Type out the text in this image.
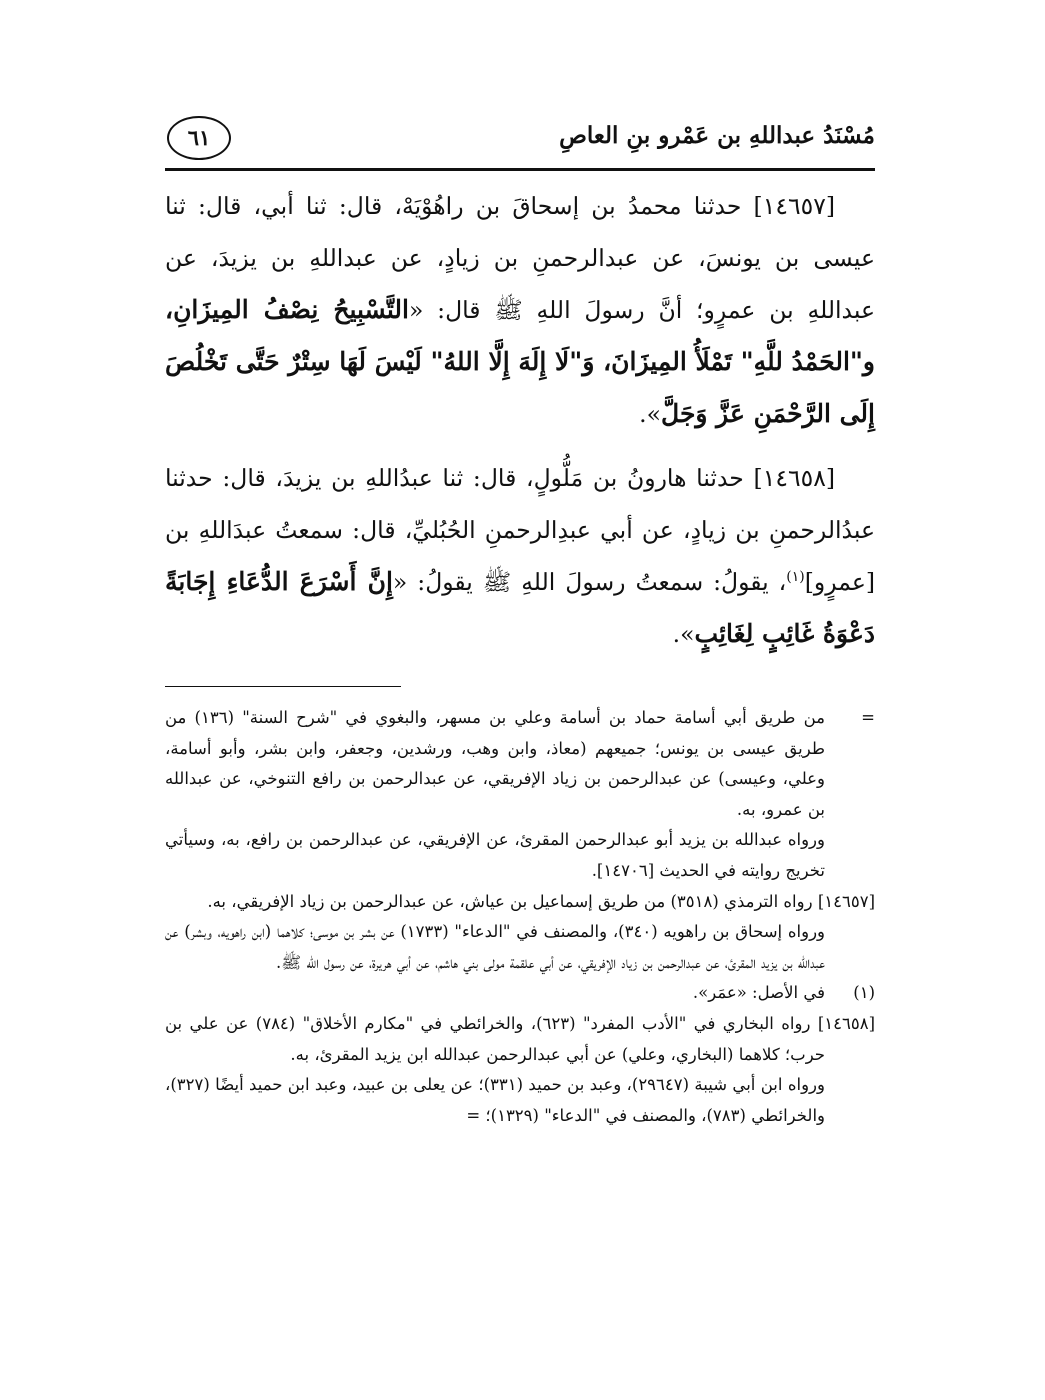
مُسْنَدُ عبداللهِ بن عَمْرو بنِ العاصِ
٦١

[١٤٦٥٧] حدثنا محمدُ بن إسحاقَ بن راهُوْيَهْ، قال: ثنا أبي، قال: ثنا عيسى بن يونسَ، عن عبدالرحمنِ بن زيادٍ، عن عبداللهِ بن يزيدَ، عن عبداللهِ بن عمرٍو؛ أنَّ رسولَ اللهِ ﷺ قال: «التَّسْبِيحُ نِصْفُ المِيزَانِ، و"الحَمْدُ للَّهِ" تَمْلَأُ المِيزَانَ، وَ"لَا إِلَهَ إِلَّا اللهُ" لَيْسَ لَهَا سِتْرٌ حَتَّى تَخْلُصَ إِلَى الرَّحْمَنِ عَزَّ وَجَلَّ».

[١٤٦٥٨] حدثنا هارونُ بن مَلُّولٍ، قال: ثنا عبدُاللهِ بن يزيدَ، قال: حدثنا عبدُالرحمنِ بن زيادٍ، عن أبي عبدِالرحمنِ الحُبُليِّ، قال: سمعتُ عبدَاللهِ بن [عمرٍو]$^{(١)}$، يقولُ: سمعتُ رسولَ اللهِ ﷺ يقولُ: «إِنَّ أَسْرَعَ الدُّعَاءِ إِجَابَةً دَعْوَةُ غَائِبٍ لِغَائِبٍ».

=
من طريق أبي أسامة حماد بن أسامة وعلي بن مسهر، والبغوي في "شرح السنة" (١٣٦) من طريق عيسى بن يونس؛ جميعهم (معاذ، وابن وهب، ورشدين، وجعفر، وابن بشر، وأبو أسامة، وعلي، وعيسى) عن عبدالرحمن بن زياد الإفريقي، عن عبدالرحمن بن رافع التنوخي، عن عبدالله بن عمرو، به.
ورواه عبدالله بن يزيد أبو عبدالرحمن المقرئ، عن الإفريقي، عن عبدالرحمن بن رافع، به، وسيأتي تخريج روايته في الحديث [١٤٧٠٦].
[١٤٦٥٧] رواه الترمذي (٣٥١٨) من طريق إسماعيل بن عياش، عن عبدالرحمن بن زياد الإفريقي، به.
ورواه إسحاق بن راهويه (٣٤٠)، والمصنف في "الدعاء" (١٧٣٣) عن بشر بن موسى؛ كلاهما (ابن راهويه، وبشر) عن عبدالله بن يزيد المقرئ، عن عبدالرحمن بن زياد الإفريقي، عن أبي علقمة مولى بني هاشم، عن أبي هريرة، عن رسول الله ﷺ.
(١)
في الأصل: «عمَر».
[١٤٦٥٨] رواه البخاري في "الأدب المفرد" (٦٢٣)، والخرائطي في "مكارم الأخلاق" (٧٨٤) عن علي بن حرب؛ كلاهما (البخاري، وعلي) عن أبي عبدالرحمن عبدالله ابن يزيد المقرئ، به.
ورواه ابن أبي شيبة (٢٩٦٤٧)، وعبد بن حميد (٣٣١)؛ عن يعلى بن عبيد، وعبد ابن حميد أيضًا (٣٢٧)، والخرائطي (٧٨٣)، والمصنف في "الدعاء" (١٣٢٩)؛ =
